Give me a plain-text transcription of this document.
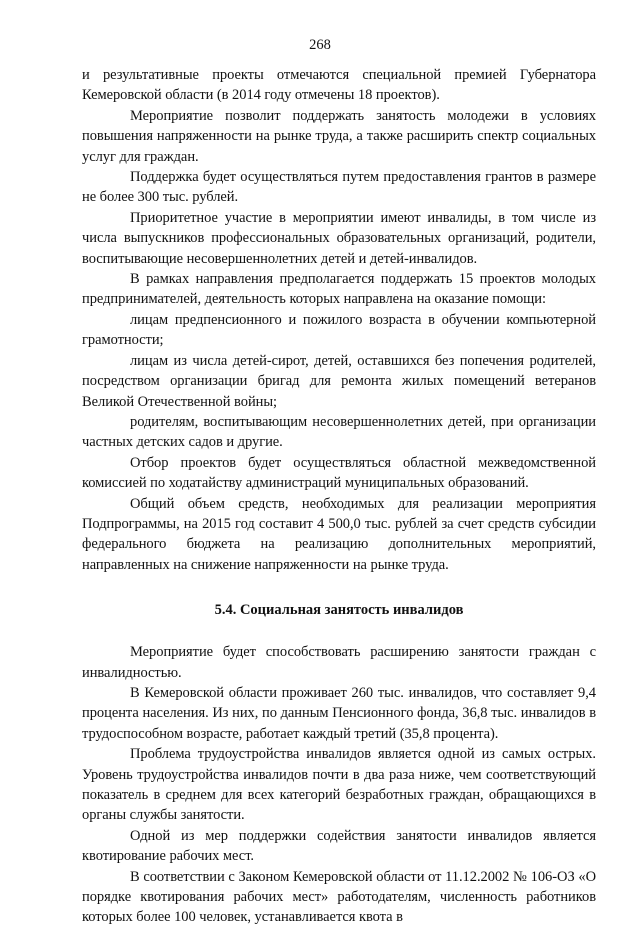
268

и результативные проекты отмечаются специальной премией Губернатора Кемеровской области (в 2014 году отмечены 18 проектов).

Мероприятие позволит поддержать занятость молодежи в условиях повышения напряженности на рынке труда, а также расширить спектр социальных услуг для граждан.

Поддержка будет осуществляться путем предоставления грантов в размере не более 300 тыс. рублей.

Приоритетное участие в мероприятии имеют инвалиды, в том числе из числа выпускников профессиональных образовательных организаций, родители, воспитывающие несовершеннолетних детей и детей-инвалидов.

В рамках направления предполагается поддержать 15 проектов молодых предпринимателей, деятельность которых направлена на оказание помощи:

лицам предпенсионного и пожилого возраста в обучении компьютерной грамотности;

лицам из числа детей-сирот, детей, оставшихся без попечения родителей, посредством организации бригад для ремонта жилых помещений ветеранов Великой Отечественной войны;

родителям, воспитывающим несовершеннолетних детей, при организации частных детских садов и другие.

Отбор проектов будет осуществляться областной межведомственной комиссией по ходатайству администраций муниципальных образований.

Общий объем средств, необходимых для реализации мероприятия Подпрограммы, на 2015 год составит 4 500,0 тыс. рублей за счет средств субсидии федерального бюджета на реализацию дополнительных мероприятий, направленных на снижение напряженности на рынке труда.

5.4. Социальная занятость инвалидов

Мероприятие будет способствовать расширению занятости граждан с инвалидностью.

В Кемеровской области проживает 260 тыс. инвалидов, что составляет 9,4 процента населения. Из них, по данным Пенсионного фонда, 36,8 тыс. инвалидов в трудоспособном возрасте, работает каждый третий (35,8 процента).

Проблема трудоустройства инвалидов является одной из самых острых. Уровень трудоустройства инвалидов почти в два раза ниже, чем соответствующий показатель в среднем для всех категорий безработных граждан, обращающихся в органы службы занятости.

Одной из мер поддержки содействия занятости инвалидов является квотирование рабочих мест.

В соответствии с Законом Кемеровской области от 11.12.2002 № 106-ОЗ «О порядке квотирования рабочих мест» работодателям, численность работников которых более 100 человек, устанавливается квота в
